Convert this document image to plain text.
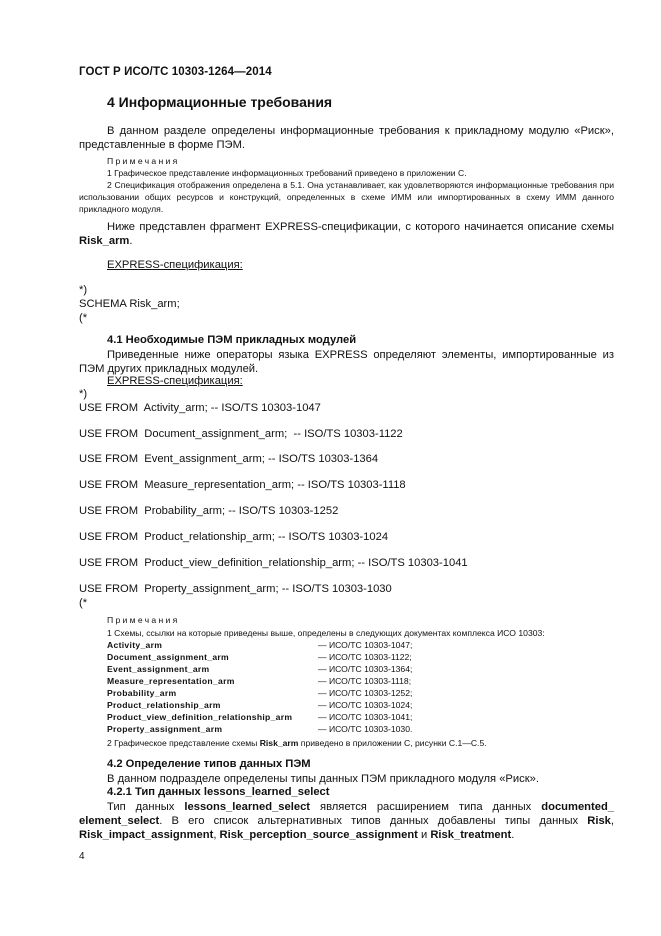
ГОСТ Р ИСО/ТС 10303-1264—2014
4 Информационные требования
В данном разделе определены информационные требования к прикладному модулю «Риск», представленные в форме ПЭМ.
Примечания
1 Графическое представление информационных требований приведено в приложении С.
2 Спецификация отображения определена в 5.1. Она устанавливает, как удовлетворяются информационные требования при использовании общих ресурсов и конструкций, определенных в схеме ИММ или импортированных в схему ИММ данного прикладного модуля.
Ниже представлен фрагмент EXPRESS-спецификации, с которого начинается описание схемы Risk_arm.
EXPRESS-спецификация:
*)
SCHEMA Risk_arm;
(*
4.1 Необходимые ПЭМ прикладных модулей
Приведенные ниже операторы языка EXPRESS определяют элементы, импортированные из ПЭМ других прикладных модулей.
EXPRESS-спецификация:
*)
USE FROM Activity_arm; -- ISO/TS 10303-1047
USE FROM Document_assignment_arm; -- ISO/TS 10303-1122
USE FROM Event_assignment_arm; -- ISO/TS 10303-1364
USE FROM Measure_representation_arm; -- ISO/TS 10303-1118
USE FROM Probability_arm; -- ISO/TS 10303-1252
USE FROM Product_relationship_arm; -- ISO/TS 10303-1024
USE FROM Product_view_definition_relationship_arm; -- ISO/TS 10303-1041
USE FROM Property_assignment_arm; -- ISO/TS 10303-1030
(*
Примечания
1 Схемы, ссылки на которые приведены выше, определены в следующих документах комплекса ИСО 10303:
Activity_arm	— ИСО/ТС 10303-1047;
Document_assignment_arm	— ИСО/ТС 10303-1122;
Event_assignment_arm	— ИСО/ТС 10303-1364;
Measure_representation_arm	— ИСО/ТС 10303-1118;
Probability_arm	— ИСО/ТС 10303-1252;
Product_relationship_arm	— ИСО/ТС 10303-1024;
Product_view_definition_relationship_arm	— ИСО/ТС 10303-1041;
Property_assignment_arm	— ИСО/ТС 10303-1030.
2 Графическое представление схемы Risk_arm приведено в приложении С, рисунки С.1—С.5.
4.2 Определение типов данных ПЭМ
В данном подразделе определены типы данных ПЭМ прикладного модуля «Риск».
4.2.1 Тип данных lessons_learned_select
Тип данных lessons_learned_select является расширением типа данных documented_ element_select. В его список альтернативных типов данных добавлены типы данных Risk, Risk_impact_assignment, Risk_perception_source_assignment и Risk_treatment.
4
